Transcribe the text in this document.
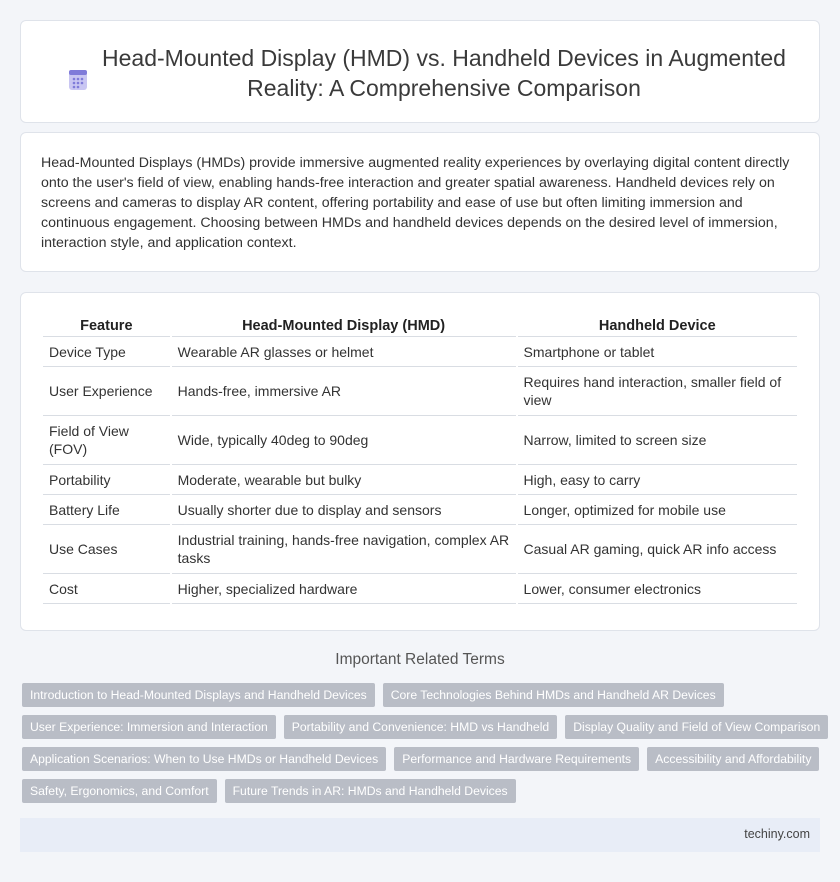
Head-Mounted Display (HMD) vs. Handheld Devices in Augmented Reality: A Comprehensive Comparison

Head-Mounted Displays (HMDs) provide immersive augmented reality experiences by overlaying digital content directly onto the user's field of view, enabling hands-free interaction and greater spatial awareness. Handheld devices rely on screens and cameras to display AR content, offering portability and ease of use but often limiting immersion and continuous engagement. Choosing between HMDs and handheld devices depends on the desired level of immersion, interaction style, and application context.

Feature	Head-Mounted Display (HMD)	Handheld Device
Device Type	Wearable AR glasses or helmet	Smartphone or tablet
User Experience	Hands-free, immersive AR	Requires hand interaction, smaller field of view
Field of View (FOV)	Wide, typically 40deg to 90deg	Narrow, limited to screen size
Portability	Moderate, wearable but bulky	High, easy to carry
Battery Life	Usually shorter due to display and sensors	Longer, optimized for mobile use
Use Cases	Industrial training, hands-free navigation, complex AR tasks	Casual AR gaming, quick AR info access
Cost	Higher, specialized hardware	Lower, consumer electronics
Important Related Terms
Introduction to Head-Mounted Displays and Handheld Devices	Core Technologies Behind HMDs and Handheld AR Devices
User Experience: Immersion and Interaction	Portability and Convenience: HMD vs Handheld	Display Quality and Field of View Comparison
Application Scenarios: When to Use HMDs or Handheld Devices	Performance and Hardware Requirements	Accessibility and Affordability
Safety, Ergonomics, and Comfort	Future Trends in AR: HMDs and Handheld Devices
techiny.com
